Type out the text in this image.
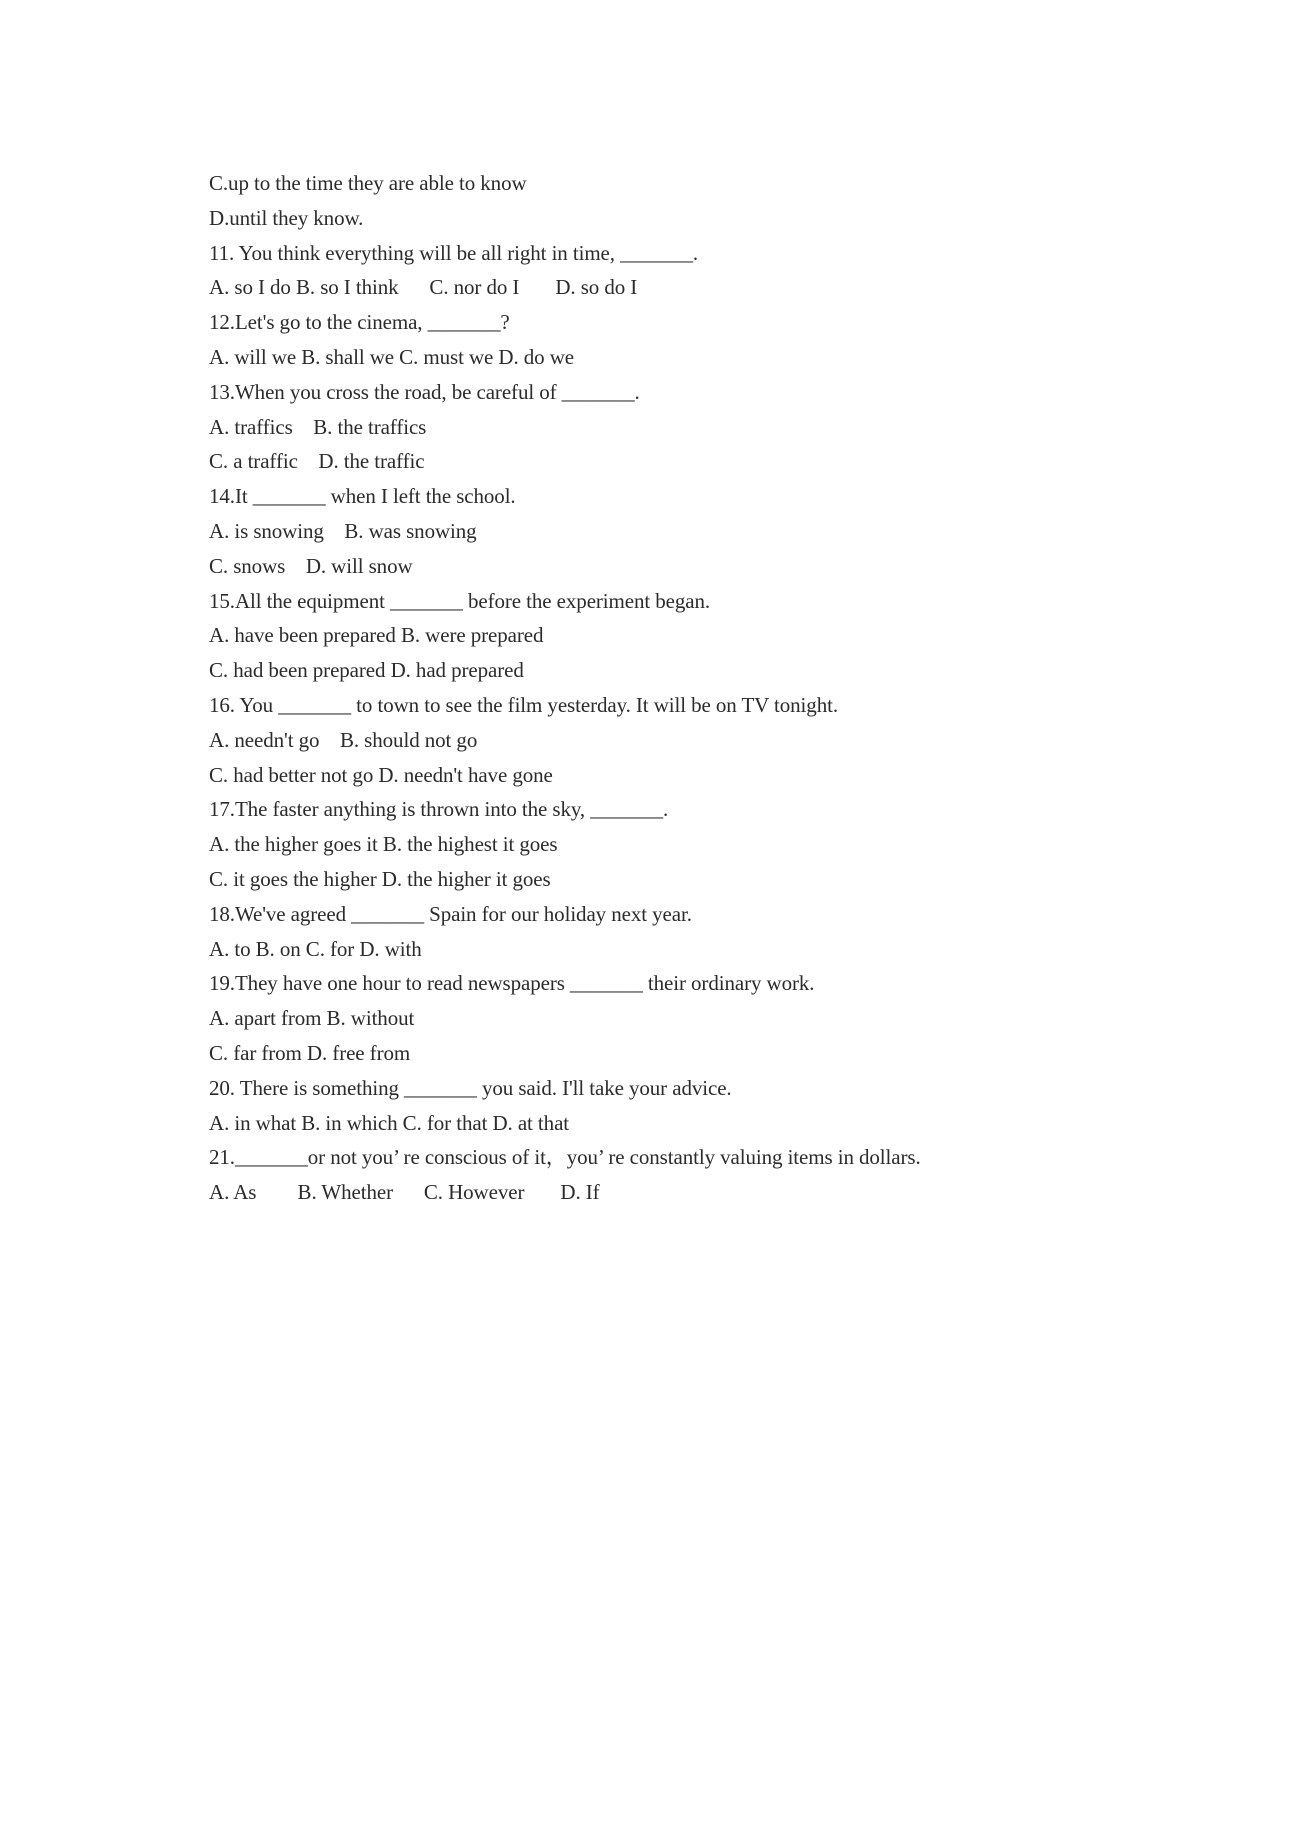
C.up to the time they are able to know
D.until they know.
11. You think everything will be all right in time, _______.
A. so I do B. so I think      C. nor do I       D. so do I
12.Let's go to the cinema, _______?
A. will we B. shall we C. must we D. do we
13.When you cross the road, be careful of _______.
A. traffics    B. the traffics
C. a traffic    D. the traffic
14.It _______ when I left the school.
A. is snowing    B. was snowing
C. snows    D. will snow
15.All the equipment _______ before the experiment began.
A. have been prepared B. were prepared
C. had been prepared D. had prepared
16. You _______ to town to see the film yesterday. It will be on TV tonight.
A. needn't go    B. should not go
C. had better not go D. needn't have gone
17.The faster anything is thrown into the sky, _______.
A. the higher goes it B. the highest it goes
C. it goes the higher D. the higher it goes
18.We've agreed _______ Spain for our holiday next year.
A. to B. on C. for D. with
19.They have one hour to read newspapers _______ their ordinary work.
A. apart from B. without
C. far from D. free from
20. There is something _______ you said. I'll take your advice.
A. in what B. in which C. for that D. at that
21._______or not you’ re conscious of it，you’ re constantly valuing items in dollars.
A. As        B. Whether      C. However       D. If
